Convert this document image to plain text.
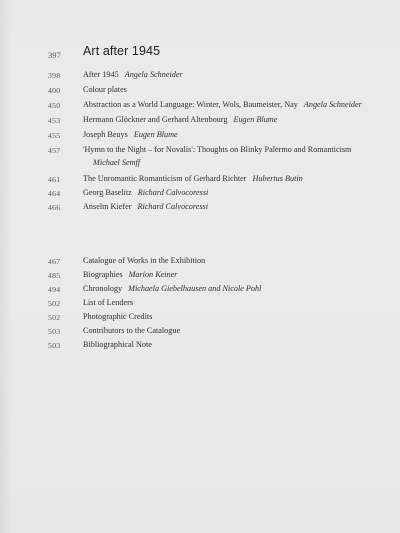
397 Art after 1945
398	After 1945 Angela Schneider
400	Colour plates
450	Abstraction as a World Language: Winter, Wols, Baumeister, Nay Angela Schneider
453	Hermann Glöckner and Gerhard Altenbourg Eugen Blume
455	Joseph Beuys Eugen Blume
457	'Hymn to the Night – for Novalis': Thoughts on Blinky Palermo and Romanticism
Michael Semff
461	The Unromantic Romanticism of Gerhard Richter Hubertus Butin
464	Georg Baselitz Richard Calvocoressi
466	Anselm Kiefer Richard Calvocoressi
467	Catalogue of Works in the Exhibition
485	Biographies Marion Keiner
494	Chronology Michaela Giebelhausen and Nicole Pohl
502	List of Lenders
502	Photographic Credits
503	Contributors to the Catalogue
503	Bibliographical Note
